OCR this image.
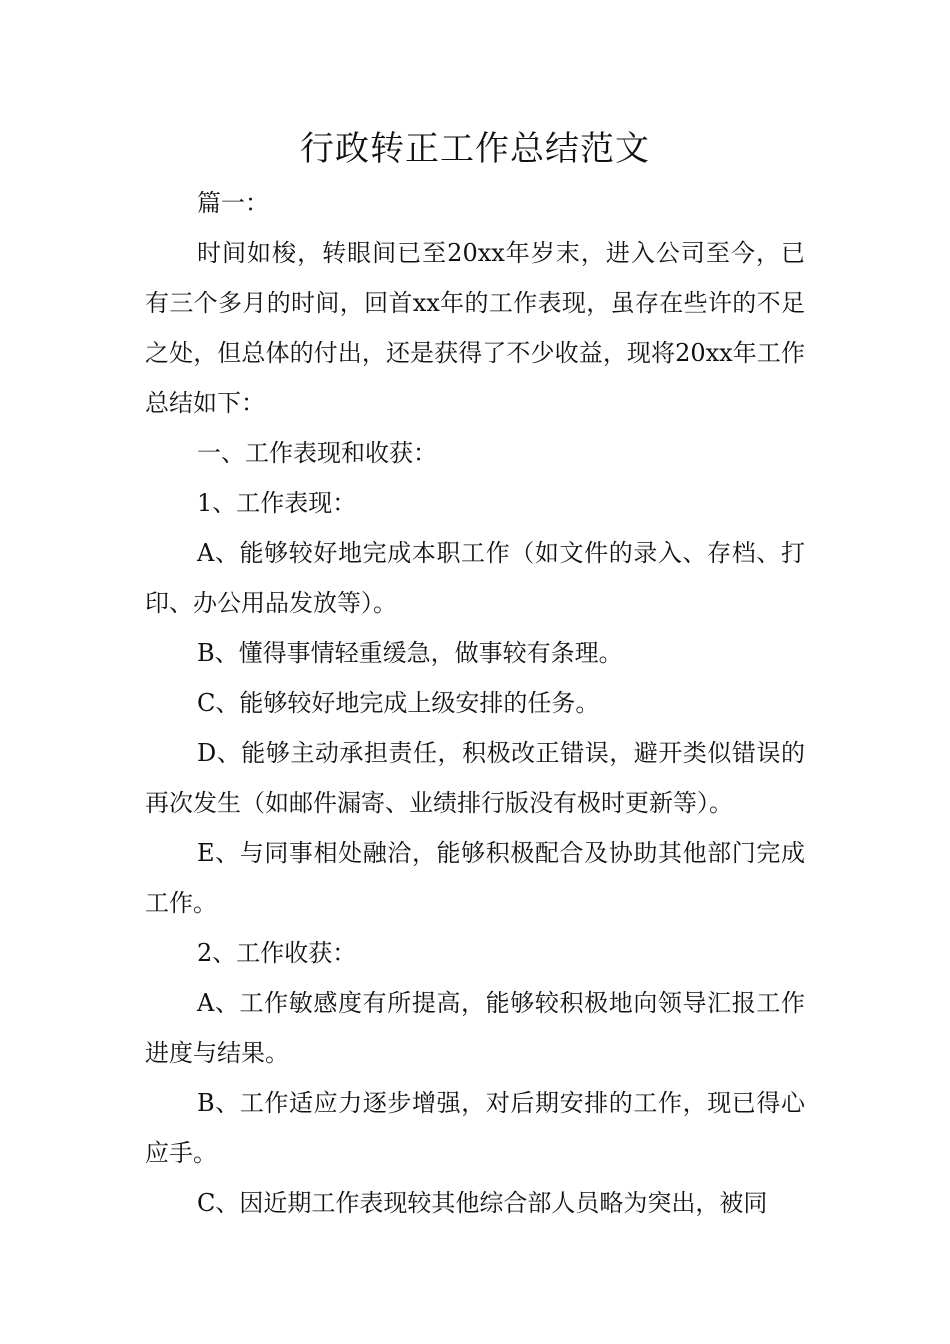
行政转正工作总结范文

篇一：

时间如梭，转眼间已至20xx年岁末，进入公司至今，已有三个多月的时间，回首xx年的工作表现，虽存在些许的不足之处，但总体的付出，还是获得了不少收益，现将20xx年工作总结如下：

一、工作表现和收获：

1、工作表现：

A、能够较好地完成本职工作（如文件的录入、存档、打印、办公用品发放等）。

B、懂得事情轻重缓急，做事较有条理。

C、能够较好地完成上级安排的任务。

D、能够主动承担责任，积极改正错误，避开类似错误的再次发生（如邮件漏寄、业绩排行版没有极时更新等）。

E、与同事相处融洽，能够积极配合及协助其他部门完成工作。

2、工作收获：

A、工作敏感度有所提高，能够较积极地向领导汇报工作进度与结果。

B、工作适应力逐步增强，对后期安排的工作，现已得心应手。

C、因近期工作表现较其他综合部人员略为突出，被同
